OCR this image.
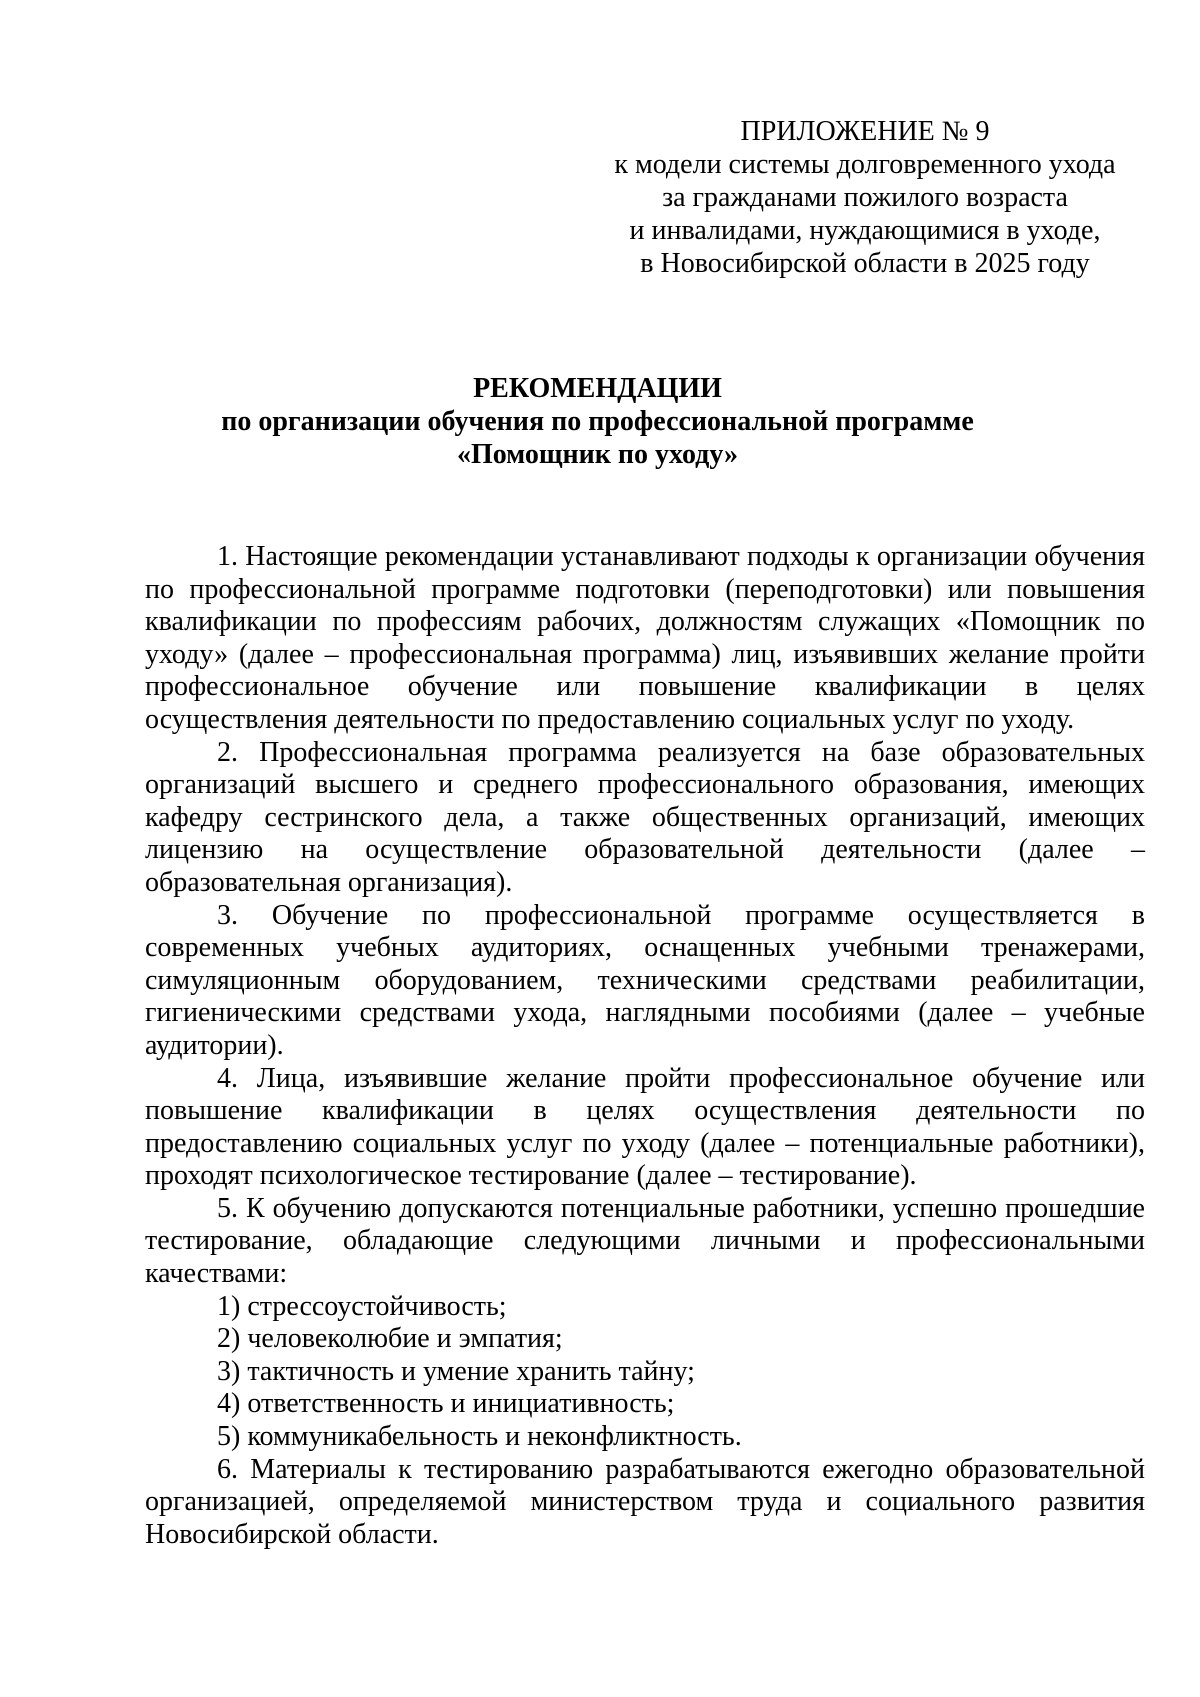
ПРИЛОЖЕНИЕ № 9
к модели системы долговременного ухода
за гражданами пожилого возраста
и инвалидами, нуждающимися в уходе,
в Новосибирской области в 2025 году
РЕКОМЕНДАЦИИ
по организации обучения по профессиональной программе
«Помощник по уходу»

1. Настоящие рекомендации устанавливают подходы к организации обучения по профессиональной программе подготовки (переподготовки) или повышения квалификации по профессиям рабочих, должностям служащих «Помощник по уходу» (далее – профессиональная программа) лиц, изъявивших желание пройти профессиональное обучение или повышение квалификации в целях осуществления деятельности по предоставлению социальных услуг по уходу.

2. Профессиональная программа реализуется на базе образовательных организаций высшего и среднего профессионального образования, имеющих кафедру сестринского дела, а также общественных организаций, имеющих лицензию на осуществление образовательной деятельности (далее – образовательная организация).

3. Обучение по профессиональной программе осуществляется в современных учебных аудиториях, оснащенных учебными тренажерами, симуляционным оборудованием, техническими средствами реабилитации, гигиеническими средствами ухода, наглядными пособиями (далее – учебные аудитории).

4. Лица, изъявившие желание пройти профессиональное обучение или повышение квалификации в целях осуществления деятельности по предоставлению социальных услуг по уходу (далее – потенциальные работники), проходят психологическое тестирование (далее – тестирование).

5. К обучению допускаются потенциальные работники, успешно прошедшие тестирование, обладающие следующими личными и профессиональными качествами:

1) стрессоустойчивость;

2) человеколюбие и эмпатия;

3) тактичность и умение хранить тайну;

4) ответственность и инициативность;

5) коммуникабельность и неконфликтность.

6. Материалы к тестированию разрабатываются ежегодно образовательной организацией, определяемой министерством труда и социального развития Новосибирской области.
